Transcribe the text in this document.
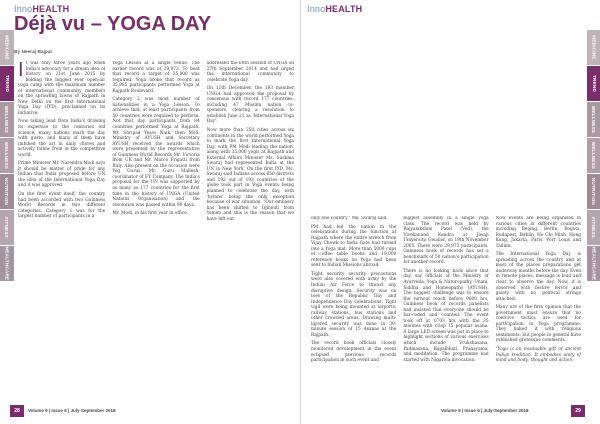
InnoHEALTH
MEDICINE
TREND
WELLNESS
WELLNESS
NUTRITION
FITNESS
HEALTHCARE
Déjà vu – YOGA DAY
By Neeraj Bajpai

It was only three years ago when India's advocacy for a dream idea of history on 21st June 2015 by holding the biggest ever open-air yoga camp with the maximum number of international community members on the sprawling lawns of Rajpath in New Delhi on the first International Yoga Day (IYD), proclaimed on its initiative.

Now taking lead from India's drawing its expertise to the centuries old science, many nations mark the day with gusto, and many of them have imbibed the art in daily chores and actively follow from in the competitive world.

Prime Minister Mr. Narendra Modi says it should be matter of pride for any Indian that India proposed before UN the idea of the International Yoga Day and it was approved.

On the first event itself, the country had been accorded with two Guinness World Records in two different categories. Category 1 was for the largest number of participants in a

Yoga Lesson at a single venue. The earlier record was of 29,973. To beat that record a target of 35,000 was required. Yoga broke that record as 35,985 participants performed Yoga at Rajpath Boulevard.

Category 2 was most number of nationalities in a Yoga Lesson. To achieve that, at least participants from 50 countries were required to perform. Not that day participants from 84 countries performed Yoga at Rajpath. Mr. Shripad Yesso Naik, then MoS, Ministry of AYUSH and Secretary AYUSH received the awards which were presented by the representative of Guinness World Records Mr. Victoria from UK and Mr. Marco Frigatti from Italy. Also present on the occasion were Yog Gurus, Mr. Guru Mallesh, coordinator of EY Company. The India's proposal for the UN was supported by as many as 177 countries for the first time in the history of UNGA (United Nations Organisation) and the resolution was passed within 90 days.

Mr. Modi, in his first year in office,

addressed the 69th session of UNGA on 27th September 2014 and had urged the international community to celebrate Yoga day.

On 11th December, the 193 member UNGA had approved the proposal by consensus with record 177 countries, including 47 Muslim nation co-sponsors, clearing a resolution to establish June 21 as 'International Yoga Day'.

Now more than 250 cities across six continents in the world performed Yoga to mark the first International Yoga Day, with PM Modi leading the nation, along with 35,000 yogis at Rajpath and External Affairs Minister Ms. Sushma Swaraj had represented India at the UN in New York. On the first IYD, Ms. Swaraj said Indians across 650 districts and 192 out of 193 countries of the globe took part in Yoga events being planned to celebrate the day, with 'hymns' being the only exception because of war situation. "Our embassy has been shifted to Djibouti from Yemen and this is the reason that we have left out

28	Volume 9 | Issue 6 | July-September 2018
InnoHEALTH
MEDICINE
TREND
WELLNESS
WELLNESS
NUTRITION
FITNESS
HEALTHCARE

only one country," Ms. Swaraj said.

PM had led the nation in the celebrations during the function at Rajpath where the entire stretch from Vijay Chowk to India Gate had turned into a Yoga mat. More than 5000 cups of coffee table books and 19,000 reference books on Yoga had been sent to Indian Missions abroad.

Tight security security precautions were also covered with army by the Indian Air Force to thwart any disruptive design. Security was on toes of the Republic Day and Independence Day celebrations. Tight vigil were being mounted at airports, railway stations, bus stations and other crowded areas. Drawing multi-layered security was done in 30-minute session of 15 Asanas at the Rajpath.

The record book officials closely monitored development in the event eclipsed previous records participation in such event and

biggest assembly in a single yoga class. The record was held by Rajyalakshmi Patel (Ved), the Vivekanand Kendra at Jiwaji University, Gwalior, on 19th November 2005. There were 29,973 participants. Guinness book of records has set a benchmark of 50 nation's participation for another record.

There is no looking back since that day, say officials of the Ministry of Ayurveda, Yoga & Naturopathy, Unani, Siddha and Homeopathy (AYUSH). The biggest challenge was to ensure the turnout reach before 0600 hrs, Guinness book of records panelists had insisted that everyone should be bar-coded and counted. The event took off at 0703 hrs with the 35 minutes with crisp 15 popular asana. A large LED screen was put in place to highlight sections of various exercises which include Vrukshasana, Padmasana, Kapalbhati, Pranayama, and meditation. The programme had started with Nigarola invocation.

Now events are being organised in various cities in different countries including Beijing, Berlin, Bogota, Budapest, Dublin, Ho Chi Minh, Hong Kong, Jakarta, Paris, Port Louis and Tallinn.

The International Yoga Day is spreading across the country and at most of the places preparations get underway months before the day. Even in remote places, message is loud and clear to observe the day. Now, it is observed with festive fervor and gaiety with no political strings attached.

Many are of the firm opinion that the government must ensure that no coercive tactics are used for participation in Yoga programme. They linked it with religious sentiments, but people in general have rubbished grotesque comments.

"Yoga is an invaluable gift of ancient Indian tradition. It embodies unity of mind and body; thought and action;

Volume 9 | Issue 6 | July-September 2018	29
